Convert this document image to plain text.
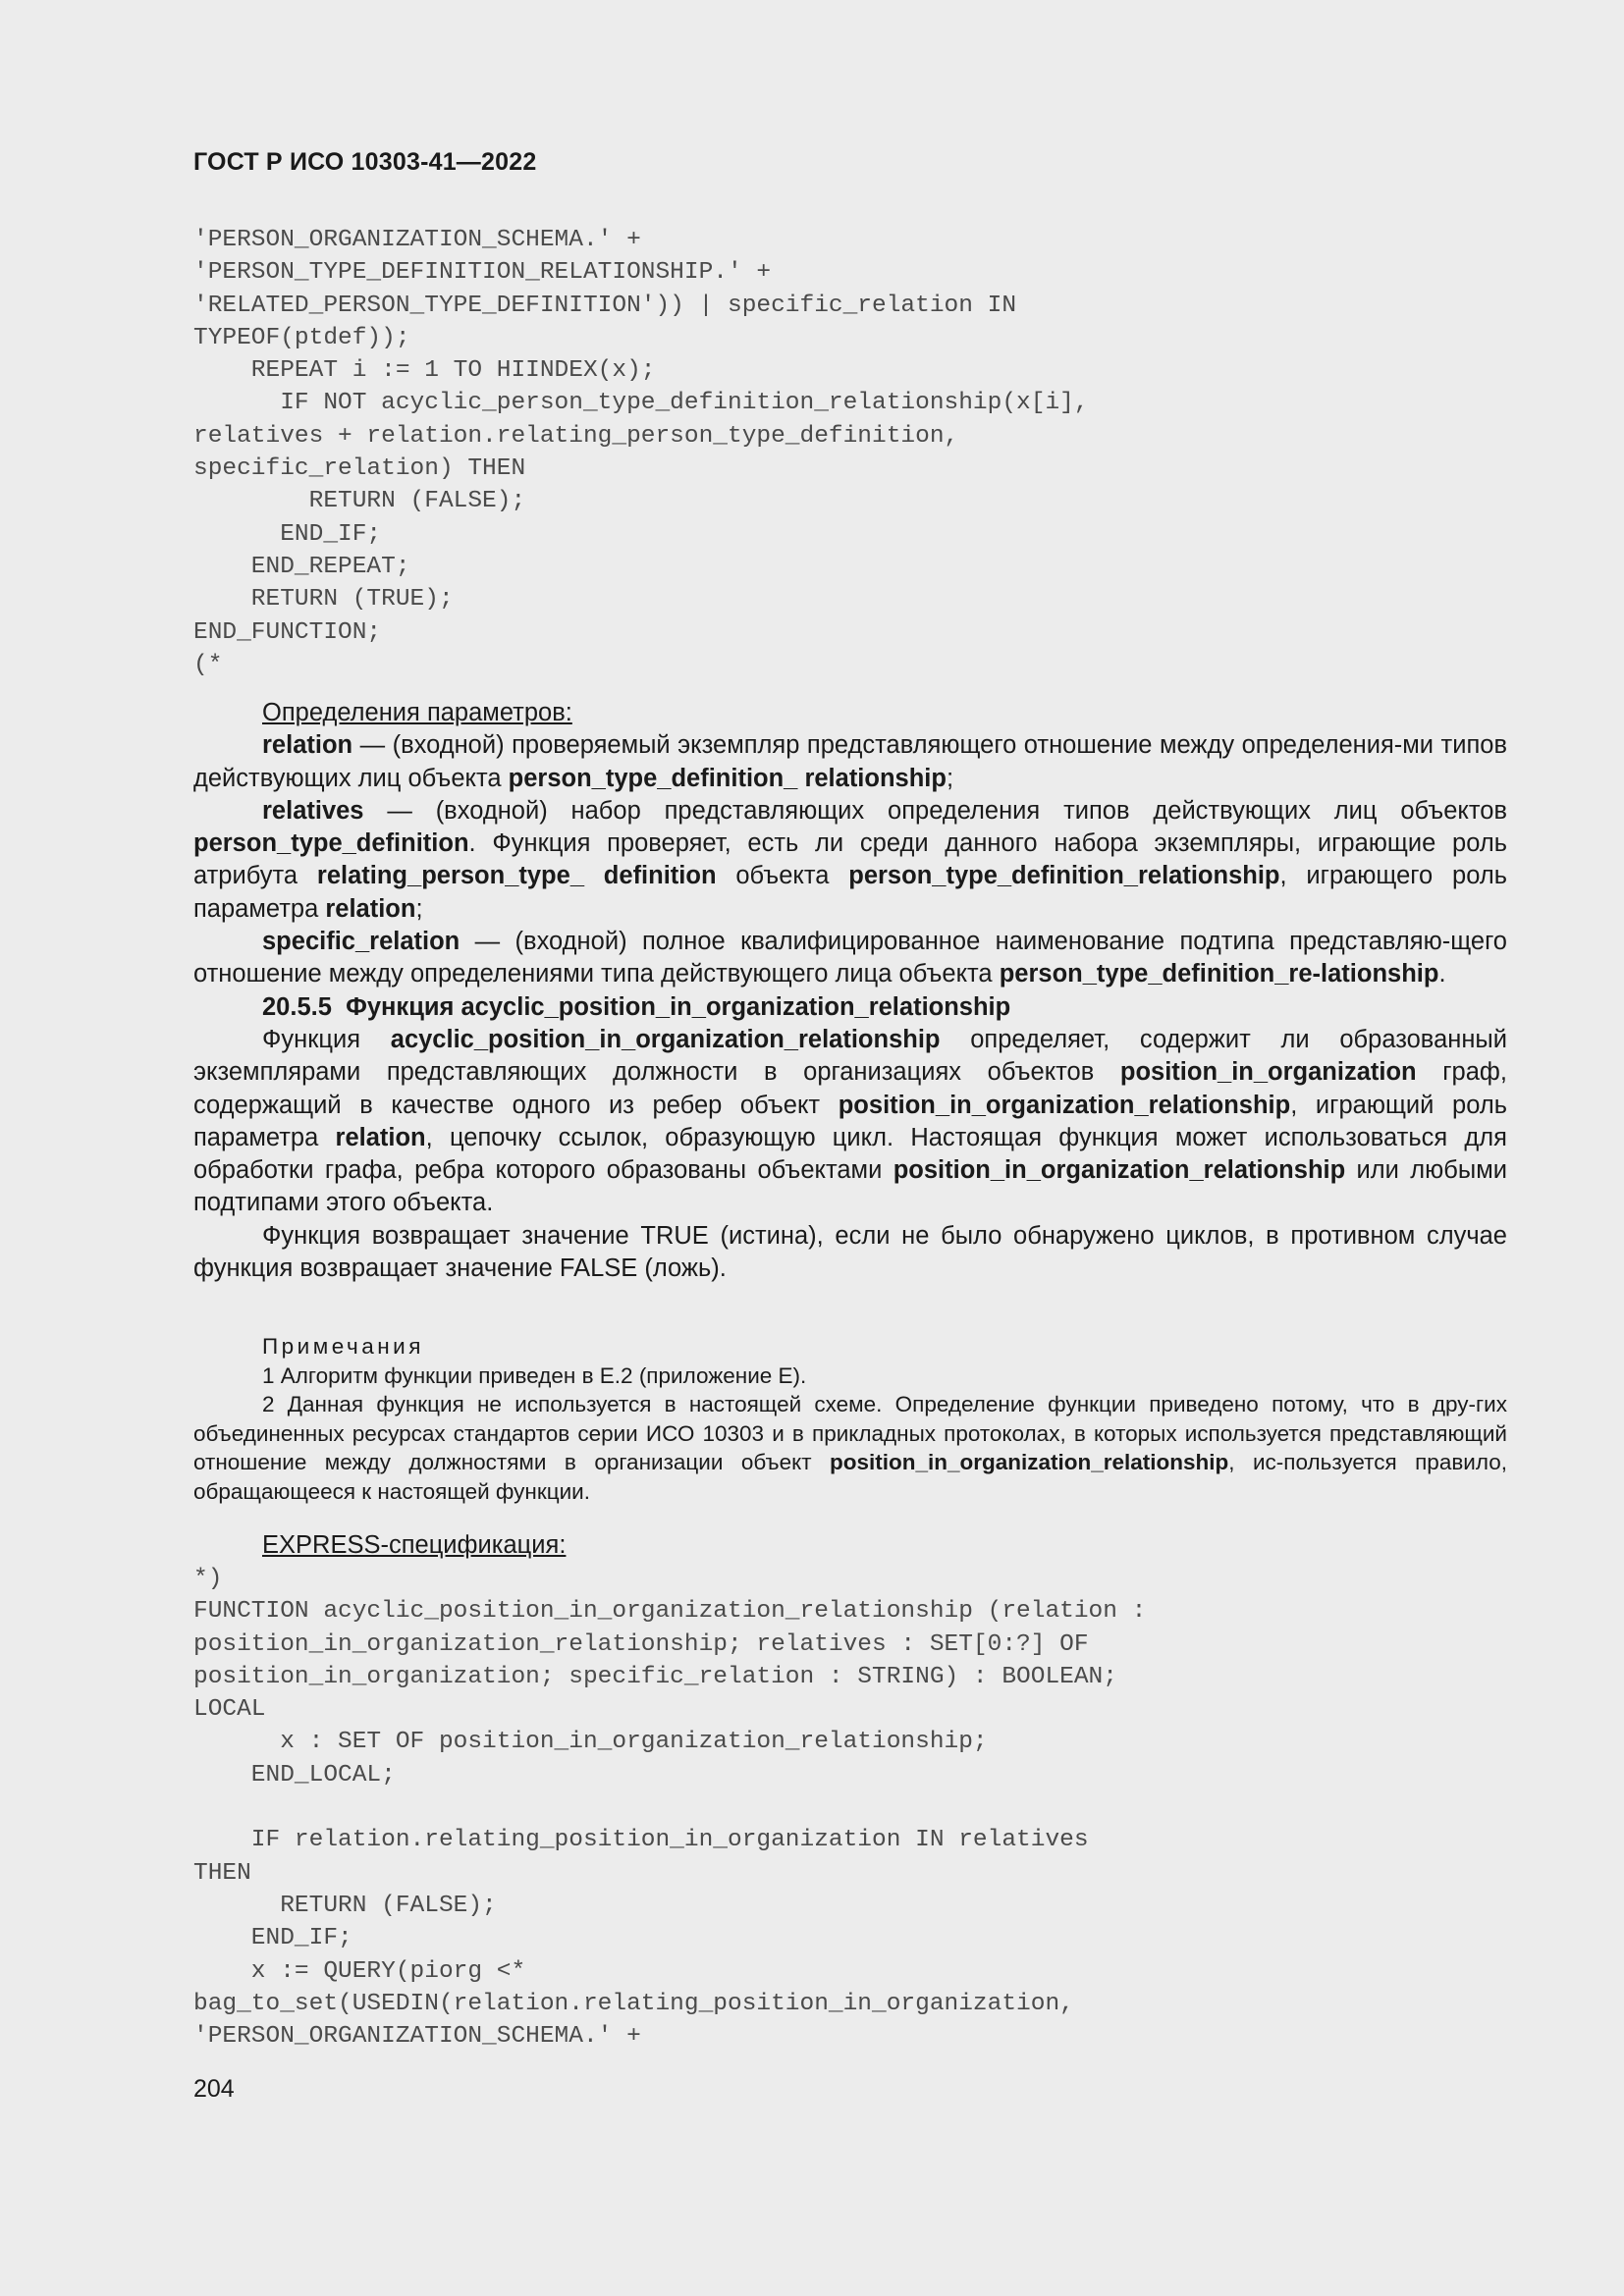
ГОСТ Р ИСО 10303-41—2022
'PERSON_ORGANIZATION_SCHEMA.' +
'PERSON_TYPE_DEFINITION_RELATIONSHIP.' +
'RELATED_PERSON_TYPE_DEFINITION')) | specific_relation IN
TYPEOF(ptdef));
REPEAT i := 1 TO HIINDEX(x);
IF NOT acyclic_person_type_definition_relationship(x[i],
relatives + relation.relating_person_type_definition,
specific_relation) THEN
RETURN (FALSE);
END_IF;
END_REPEAT;
RETURN (TRUE);
END_FUNCTION;
(*

Определения параметров:

relation — (входной) проверяемый экземпляр представляющего отношение между определения-ми типов действующих лиц объекта person_type_definition_ relationship;

relatives — (входной) набор представляющих определения типов действующих лиц объектов person_type_definition. Функция проверяет, есть ли среди данного набора экземпляры, играющие роль атрибута relating_person_type_ definition объекта person_type_definition_relationship, играющего роль параметра relation;

specific_relation — (входной) полное квалифицированное наименование подтипа представляю-щего отношение между определениями типа действующего лица объекта person_type_definition_re-lationship.

20.5.5 Функция acyclic_position_in_organization_relationship

Функция acyclic_position_in_organization_relationship определяет, содержит ли образованный экземплярами представляющих должности в организациях объектов position_in_organization граф, содержащий в качестве одного из ребер объект position_in_organization_relationship, играющий роль параметра relation, цепочку ссылок, образующую цикл. Настоящая функция может использоваться для обработки графа, ребра которого образованы объектами position_in_organization_relationship или любыми подтипами этого объекта.

Функция возвращает значение TRUE (истина), если не было обнаружено циклов, в противном случае функция возвращает значение FALSE (ложь).

Примечания

1 Алгоритм функции приведен в Е.2 (приложение Е).

2 Данная функция не используется в настоящей схеме. Определение функции приведено потому, что в дру-гих объединенных ресурсах стандартов серии ИСО 10303 и в прикладных протоколах, в которых используется представляющий отношение между должностями в организации объект position_in_organization_relationship, ис-пользуется правило, обращающееся к настоящей функции.

EXPRESS-спецификация:

*)
FUNCTION acyclic_position_in_organization_relationship (relation :
position_in_organization_relationship; relatives : SET[0:?] OF
position_in_organization; specific_relation : STRING) : BOOLEAN;
LOCAL
x : SET OF position_in_organization_relationship;
END_LOCAL;
IF relation.relating_position_in_organization IN relatives
THEN
RETURN (FALSE);
END_IF;
x := QUERY(piorg <*
bag_to_set(USEDIN(relation.relating_position_in_organization,
'PERSON_ORGANIZATION_SCHEMA.' +
204
